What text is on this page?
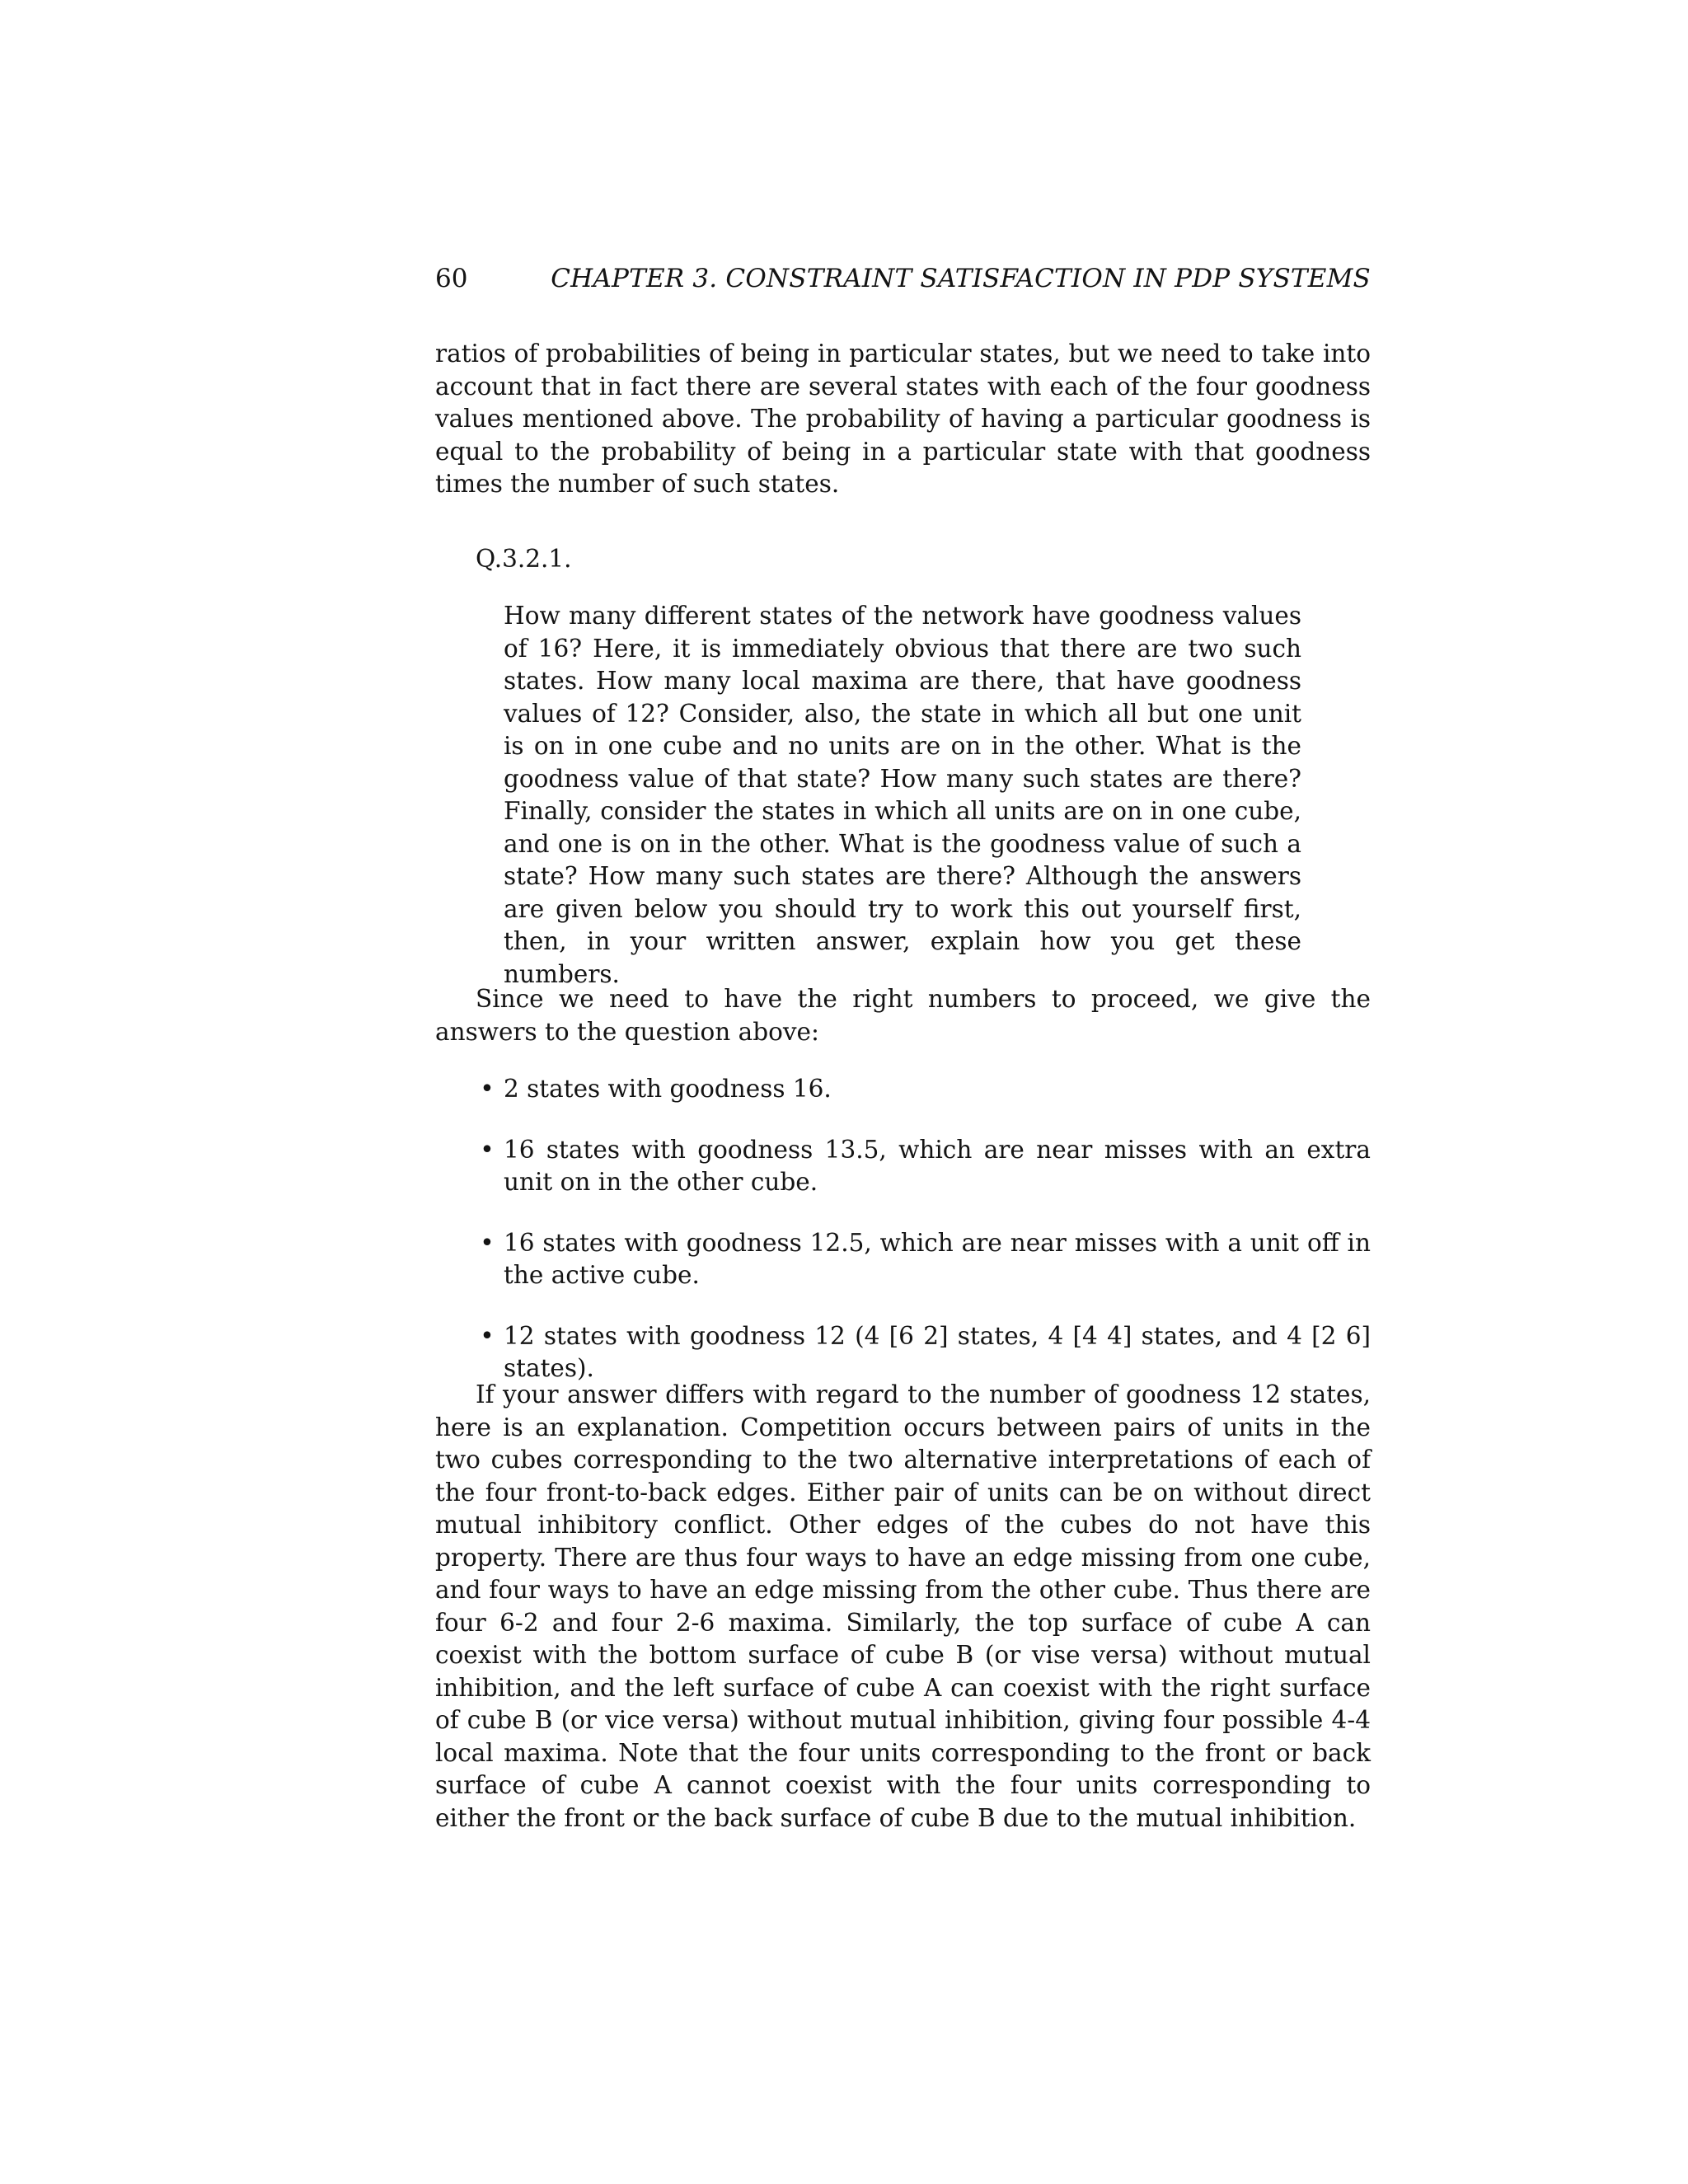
60	CHAPTER 3. CONSTRAINT SATISFACTION IN PDP SYSTEMS

ratios of probabilities of being in particular states, but we need to take into account that in fact there are several states with each of the four goodness values mentioned above. The probability of having a particular goodness is equal to the probability of being in a particular state with that goodness times the number of such states.

Q.3.2.1.

How many different states of the network have goodness values of 16? Here, it is immediately obvious that there are two such states. How many local maxima are there, that have goodness values of 12? Consider, also, the state in which all but one unit is on in one cube and no units are on in the other. What is the goodness value of that state? How many such states are there? Finally, consider the states in which all units are on in one cube, and one is on in the other. What is the goodness value of such a state? How many such states are there? Although the answers are given below you should try to work this out yourself first, then, in your written answer, explain how you get these numbers.

Since we need to have the right numbers to proceed, we give the answers to the question above:

• 2 states with goodness 16.
• 16 states with goodness 13.5, which are near misses with an extra unit on in the other cube.
• 16 states with goodness 12.5, which are near misses with a unit off in the active cube.
• 12 states with goodness 12 (4 [6 2] states, 4 [4 4] states, and 4 [2 6] states).

If your answer differs with regard to the number of goodness 12 states, here is an explanation. Competition occurs between pairs of units in the two cubes corresponding to the two alternative interpretations of each of the four front-to-back edges. Either pair of units can be on without direct mutual inhibitory conflict. Other edges of the cubes do not have this property. There are thus four ways to have an edge missing from one cube, and four ways to have an edge missing from the other cube. Thus there are four 6-2 and four 2-6 maxima. Similarly, the top surface of cube A can coexist with the bottom surface of cube B (or vise versa) without mutual inhibition, and the left surface of cube A can coexist with the right surface of cube B (or vice versa) without mutual inhibition, giving four possible 4-4 local maxima. Note that the four units corresponding to the front or back surface of cube A cannot coexist with the four units corresponding to either the front or the back surface of cube B due to the mutual inhibition.
